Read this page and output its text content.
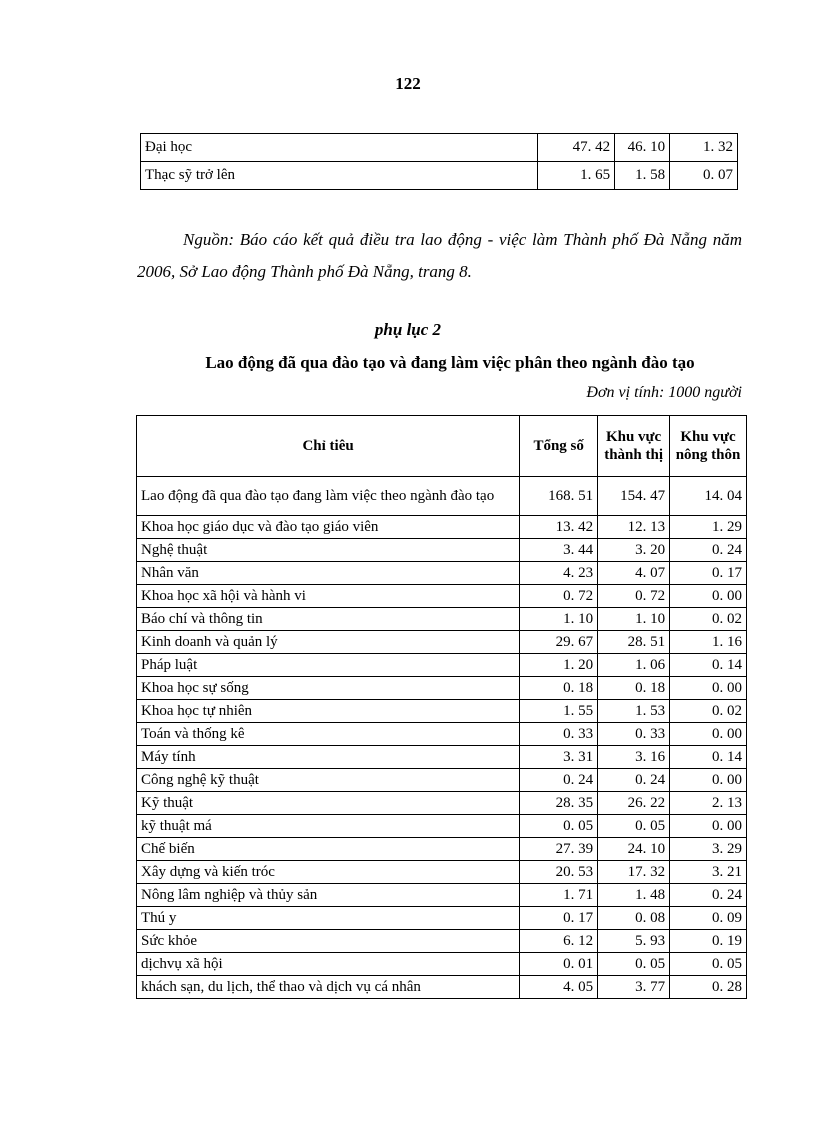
122
Đại học	47. 42	46. 10	1. 32
Thạc sỹ trở lên	1. 65	1. 58	0. 07
Nguồn: Báo cáo kết quả điều tra lao động - việc làm Thành phố Đà Nẵng năm 2006, Sở Lao động Thành phố Đà Nẵng, trang 8.
phụ lục 2
Lao động đã qua đào tạo và đang làm việc phân theo ngành đào tạo
Đơn vị tính: 1000 người
Chỉ tiêu	Tổng số	Khu vực thành thị	Khu vực nông thôn
Lao động đã qua đào tạo đang làm việc theo ngành đào tạo	168. 51	154. 47	14. 04
Khoa học giáo dục và đào tạo giáo viên	13. 42	12. 13	1. 29
Nghệ thuật	3. 44	3. 20	0. 24
Nhân văn	4. 23	4. 07	0. 17
Khoa học xã hội và hành vi	0. 72	0. 72	0. 00
Báo chí và thông tin	1. 10	1. 10	0. 02
Kinh doanh và quản lý	29. 67	28. 51	1. 16
Pháp luật	1. 20	1. 06	0. 14
Khoa học sự sống	0. 18	0. 18	0. 00
Khoa học tự nhiên	1. 55	1. 53	0. 02
Toán và thống kê	0. 33	0. 33	0. 00
Máy tính	3. 31	3. 16	0. 14
Công nghệ kỹ thuật	0. 24	0. 24	0. 00
Kỹ thuật	28. 35	26. 22	2. 13
kỹ thuật má	0. 05	0. 05	0. 00
Chế biến	27. 39	24. 10	3. 29
Xây dựng và kiến tróc	20. 53	17. 32	3. 21
Nông lâm nghiệp và thủy sản	1. 71	1. 48	0. 24
Thú y	0. 17	0. 08	0. 09
Sức khỏe	6. 12	5. 93	0. 19
dịchvụ xã hội	0. 01	0. 05	0. 05
khách sạn, du lịch, thể thao và dịch vụ cá nhân	4. 05	3. 77	0. 28
